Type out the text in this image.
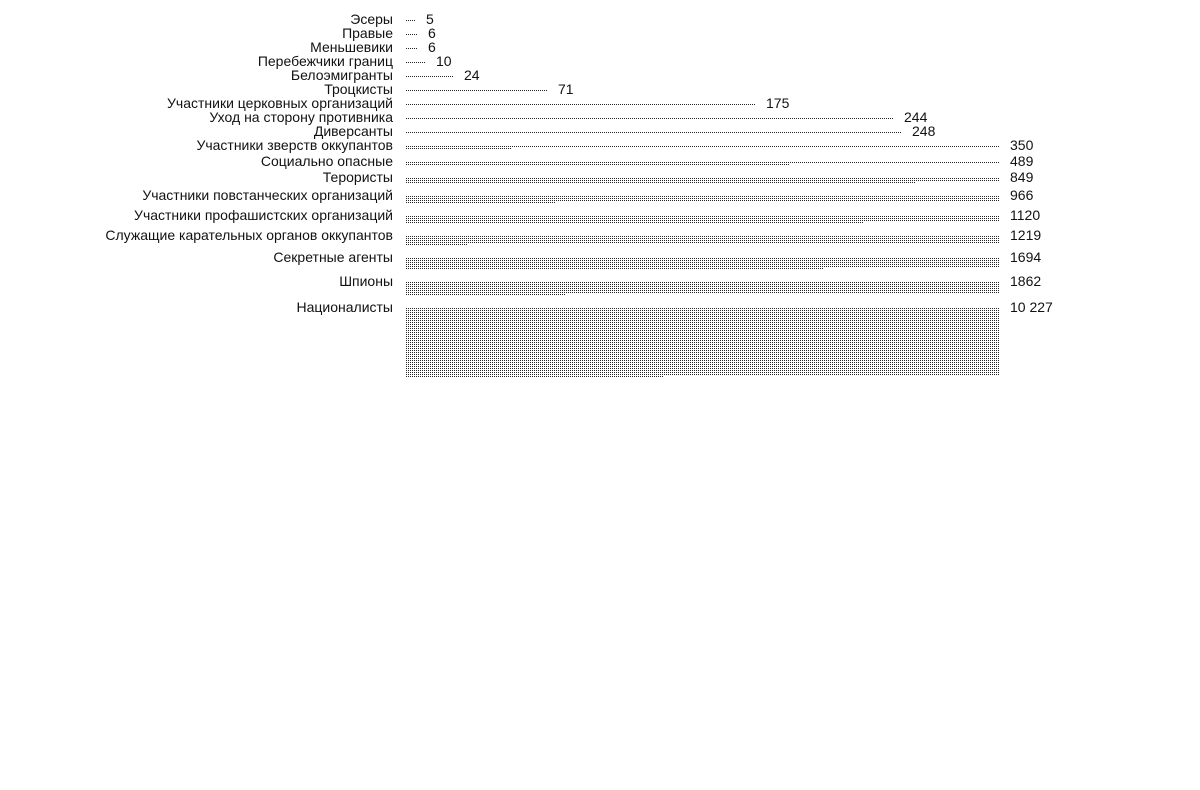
Эсеры 5
Правые	6
Меньшевики	6
Перебежчики границ	10
Белоэмигранты	24
Троцкисты	71
Участники церковных организаций	175
Уход на сторону противника	244
Диверсанты	248
Участники зверств оккупантов	350
Социально опасные	489
Терористы	849
Участники повстанческих организаций	966
Участники профашистских организаций	1120
Служащие карательных органов оккупантов	1219
Секретные агенты	1694
Шпионы	1862
Националисты	10 227
